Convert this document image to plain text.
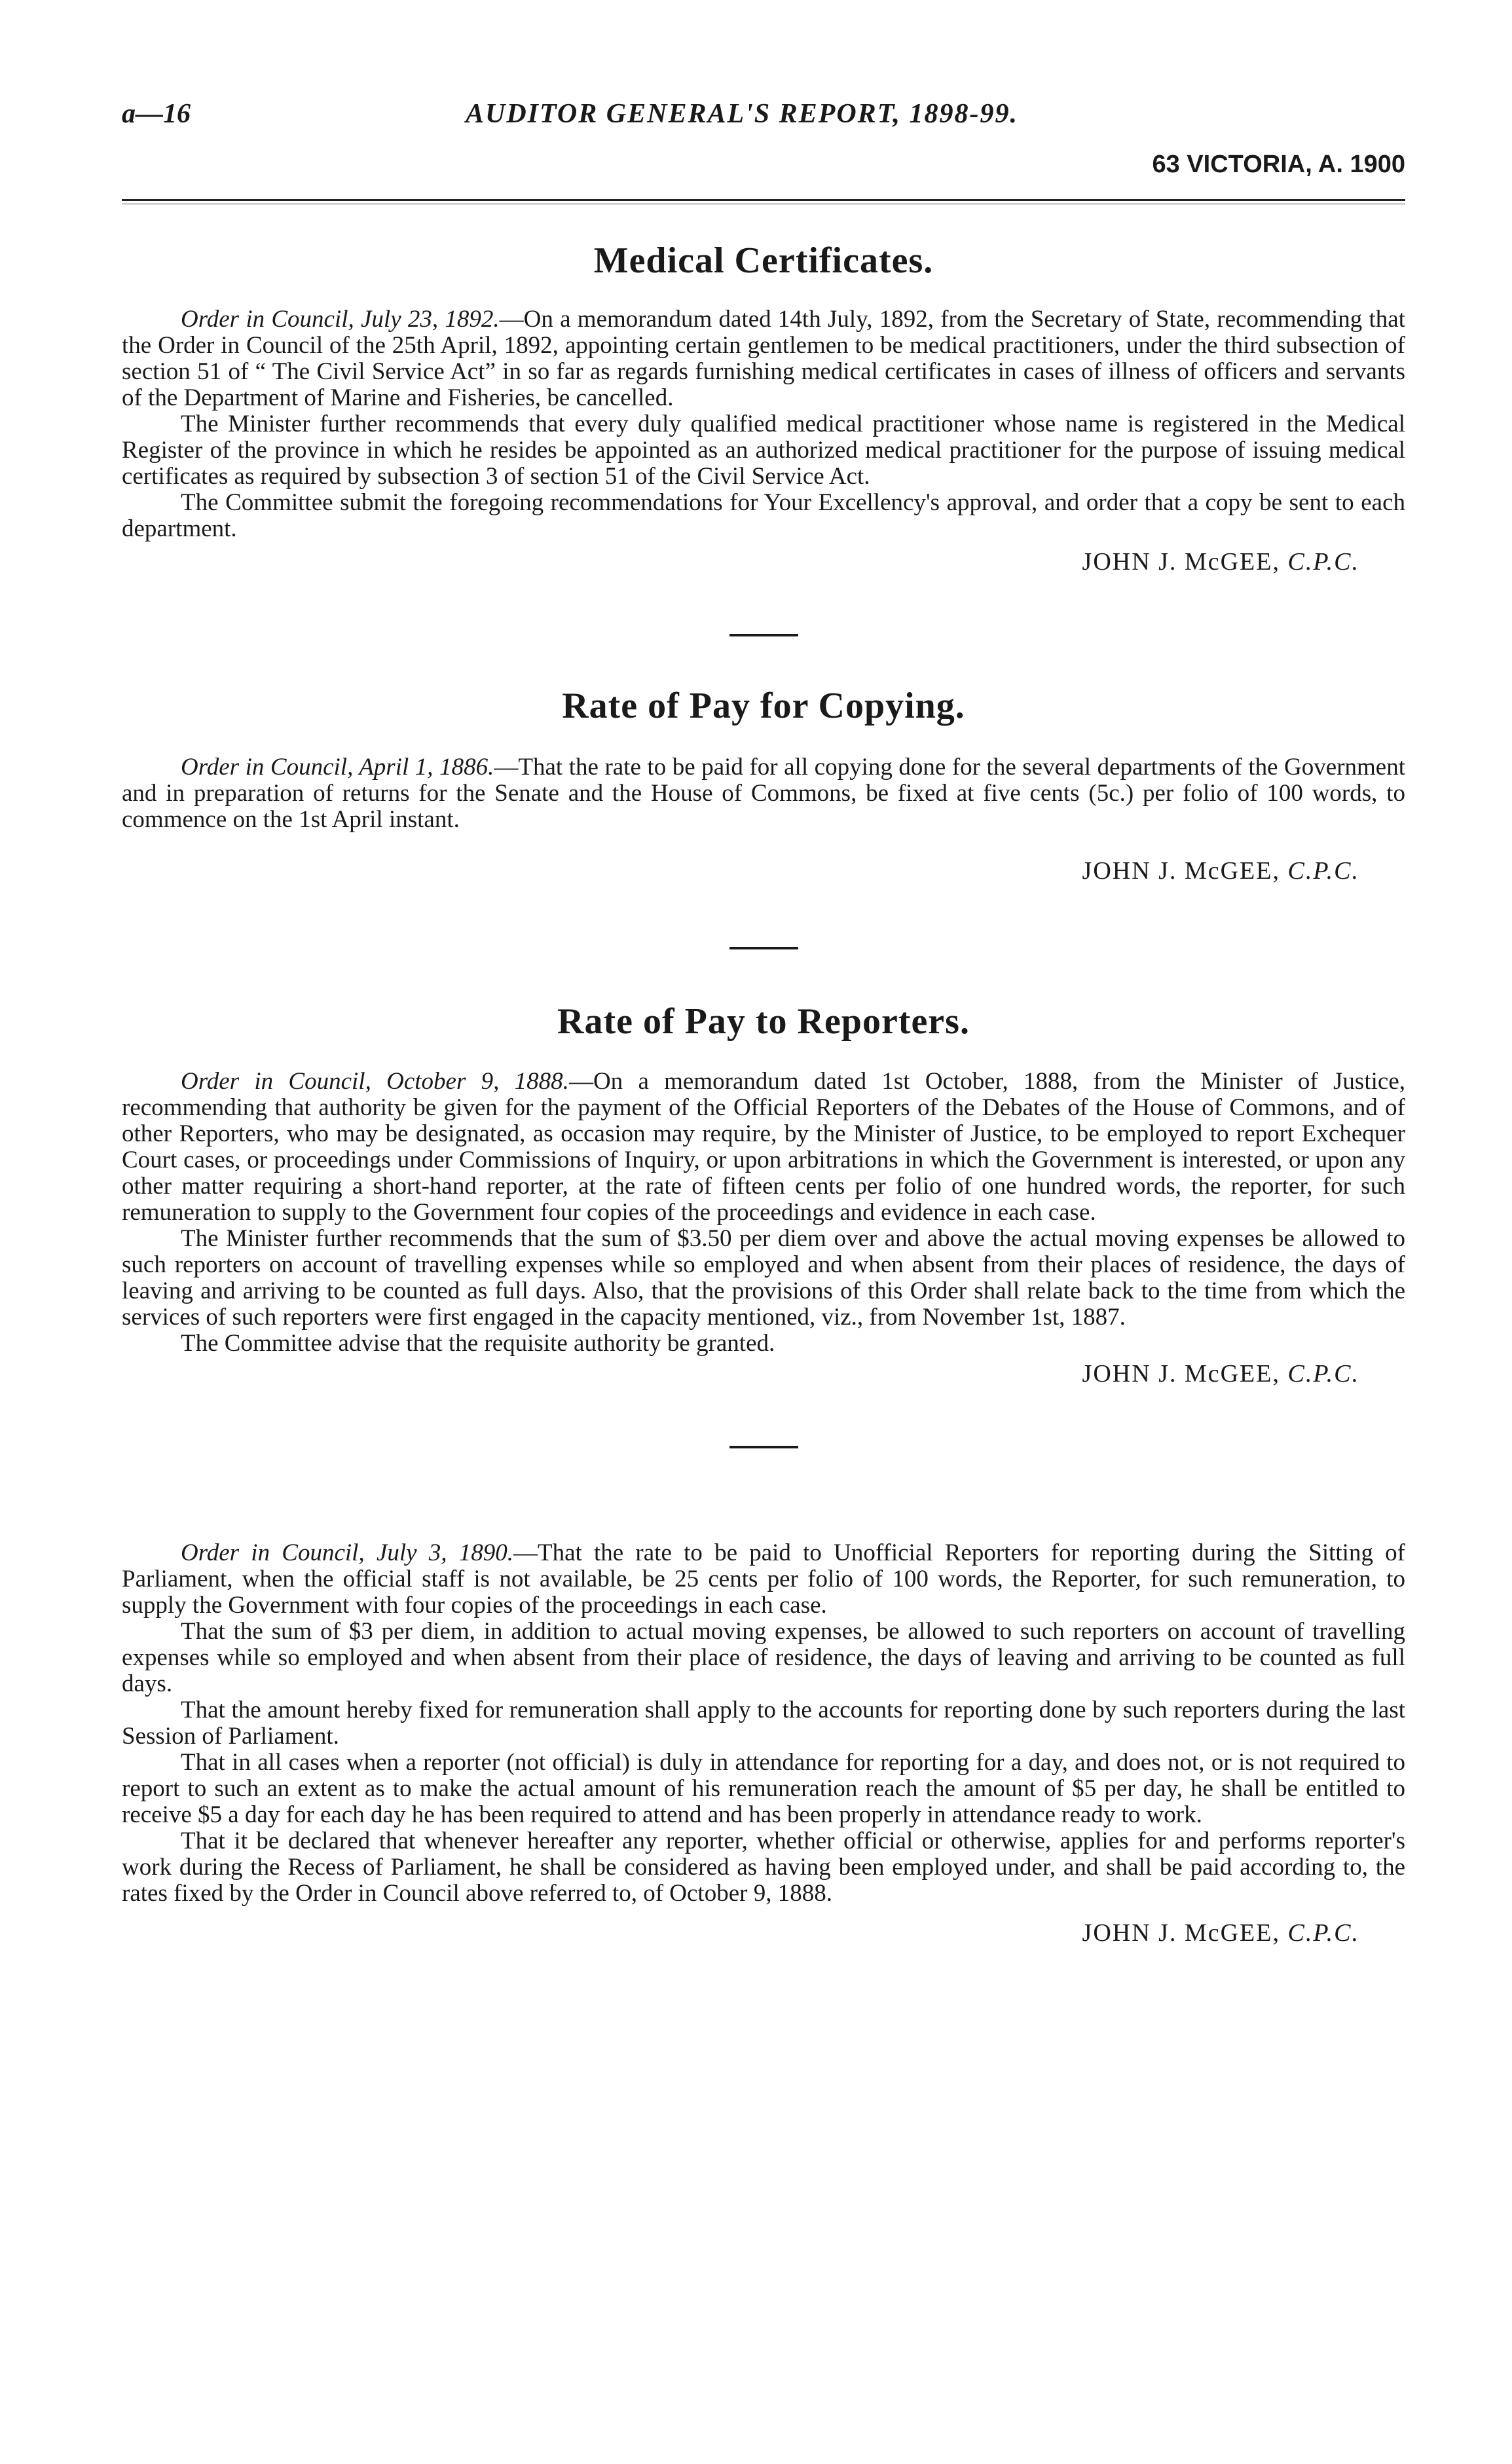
a—16	AUDITOR GENERAL'S REPORT, 1898-99.
63 VICTORIA, A. 1900
Medical Certificates.

Order in Council, July 23, 1892.—On a memorandum dated 14th July, 1892, from the Secretary of State, recommending that the Order in Council of the 25th April, 1892, appointing certain gentlemen to be medical practitioners, under the third subsection of section 51 of “ The Civil Service Act” in so far as regards furnishing medical certificates in cases of illness of officers and servants of the Department of Marine and Fisheries, be cancelled.

The Minister further recommends that every duly qualified medical practitioner whose name is registered in the Medical Register of the province in which he resides be appointed as an authorized medical practitioner for the purpose of issuing medical certificates as required by subsection 3 of section 51 of the Civil Service Act.

The Committee submit the foregoing recommendations for Your Excellency's approval, and order that a copy be sent to each department.

JOHN J. McGEE, C.P.C.
Rate of Pay for Copying.

Order in Council, April 1, 1886.—That the rate to be paid for all copying done for the several departments of the Government and in preparation of returns for the Senate and the House of Commons, be fixed at five cents (5c.) per folio of 100 words, to commence on the 1st April instant.

JOHN J. McGEE, C.P.C.
Rate of Pay to Reporters.

Order in Council, October 9, 1888.—On a memorandum dated 1st October, 1888, from the Minister of Justice, recommending that authority be given for the payment of the Official Reporters of the Debates of the House of Commons, and of other Reporters, who may be designated, as occasion may require, by the Minister of Justice, to be employed to report Exchequer Court cases, or proceedings under Commissions of Inquiry, or upon arbitrations in which the Government is interested, or upon any other matter requiring a short-hand reporter, at the rate of fifteen cents per folio of one hundred words, the reporter, for such remuneration to supply to the Government four copies of the proceedings and evidence in each case.

The Minister further recommends that the sum of $3.50 per diem over and above the actual moving expenses be allowed to such reporters on account of travelling expenses while so employed and when absent from their places of residence, the days of leaving and arriving to be counted as full days. Also, that the provisions of this Order shall relate back to the time from which the services of such reporters were first engaged in the capacity mentioned, viz., from November 1st, 1887.

The Committee advise that the requisite authority be granted.

JOHN J. McGEE, C.P.C.

Order in Council, July 3, 1890.—That the rate to be paid to Unofficial Reporters for reporting during the Sitting of Parliament, when the official staff is not available, be 25 cents per folio of 100 words, the Reporter, for such remuneration, to supply the Government with four copies of the proceedings in each case.

That the sum of $3 per diem, in addition to actual moving expenses, be allowed to such reporters on account of travelling expenses while so employed and when absent from their place of residence, the days of leaving and arriving to be counted as full days.

That the amount hereby fixed for remuneration shall apply to the accounts for reporting done by such reporters during the last Session of Parliament.

That in all cases when a reporter (not official) is duly in attendance for reporting for a day, and does not, or is not required to report to such an extent as to make the actual amount of his remuneration reach the amount of $5 per day, he shall be entitled to receive $5 a day for each day he has been required to attend and has been properly in attendance ready to work.

That it be declared that whenever hereafter any reporter, whether official or otherwise, applies for and performs reporter's work during the Recess of Parliament, he shall be considered as having been employed under, and shall be paid according to, the rates fixed by the Order in Council above referred to, of October 9, 1888.

JOHN J. McGEE, C.P.C.
